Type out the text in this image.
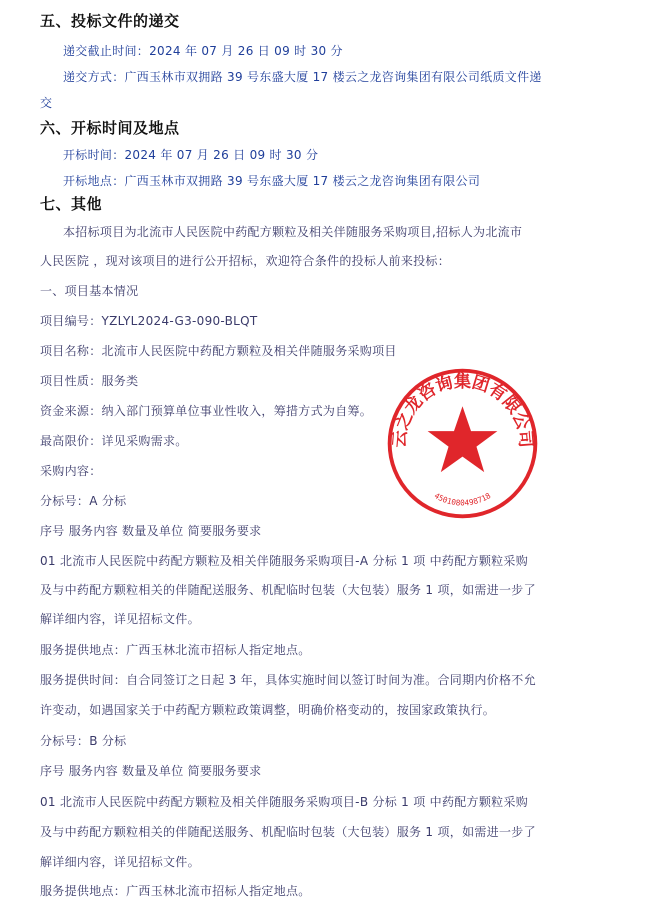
五、投标文件的递交
递交截止时间：2024 年 07 月 26 日 09 时 30 分
递交方式：广西玉林市双拥路 39 号东盛大厦 17 楼云之龙咨询集团有限公司纸质文件递
交
六、开标时间及地点
开标时间：2024 年 07 月 26 日 09 时 30 分
开标地点：广西玉林市双拥路 39 号东盛大厦 17 楼云之龙咨询集团有限公司
七、其他
本招标项目为北流市人民医院中药配方颗粒及相关伴随服务采购项目,招标人为北流市
人民医院 ，现对该项目的进行公开招标，欢迎符合条件的投标人前来投标：
一、项目基本情况
项目编号：YZLYL2024-G3-090-BLQT
项目名称：北流市人民医院中药配方颗粒及相关伴随服务采购项目
项目性质：服务类
资金来源：纳入部门预算单位事业性收入，筹措方式为自筹。
最高限价：详见采购需求。
采购内容：
分标号：A 分标
序号 服务内容 数量及单位 简要服务要求
01 北流市人民医院中药配方颗粒及相关伴随服务采购项目-A 分标 1 项 中药配方颗粒采购
及与中药配方颗粒相关的伴随配送服务、机配临时包装（大包装）服务 1 项，如需进一步了
解详细内容，详见招标文件。
服务提供地点：广西玉林北流市招标人指定地点。
服务提供时间：自合同签订之日起 3 年，具体实施时间以签订时间为准。合同期内价格不允
许变动，如遇国家关于中药配方颗粒政策调整，明确价格变动的，按国家政策执行。
分标号：B 分标
序号 服务内容 数量及单位 简要服务要求
01 北流市人民医院中药配方颗粒及相关伴随服务采购项目-B 分标 1 项 中药配方颗粒采购
及与中药配方颗粒相关的伴随配送服务、机配临时包装（大包装）服务 1 项，如需进一步了
解详细内容，详见招标文件。
服务提供地点：广西玉林北流市招标人指定地点。
云之龙咨询集团有限公司
4501080498718
